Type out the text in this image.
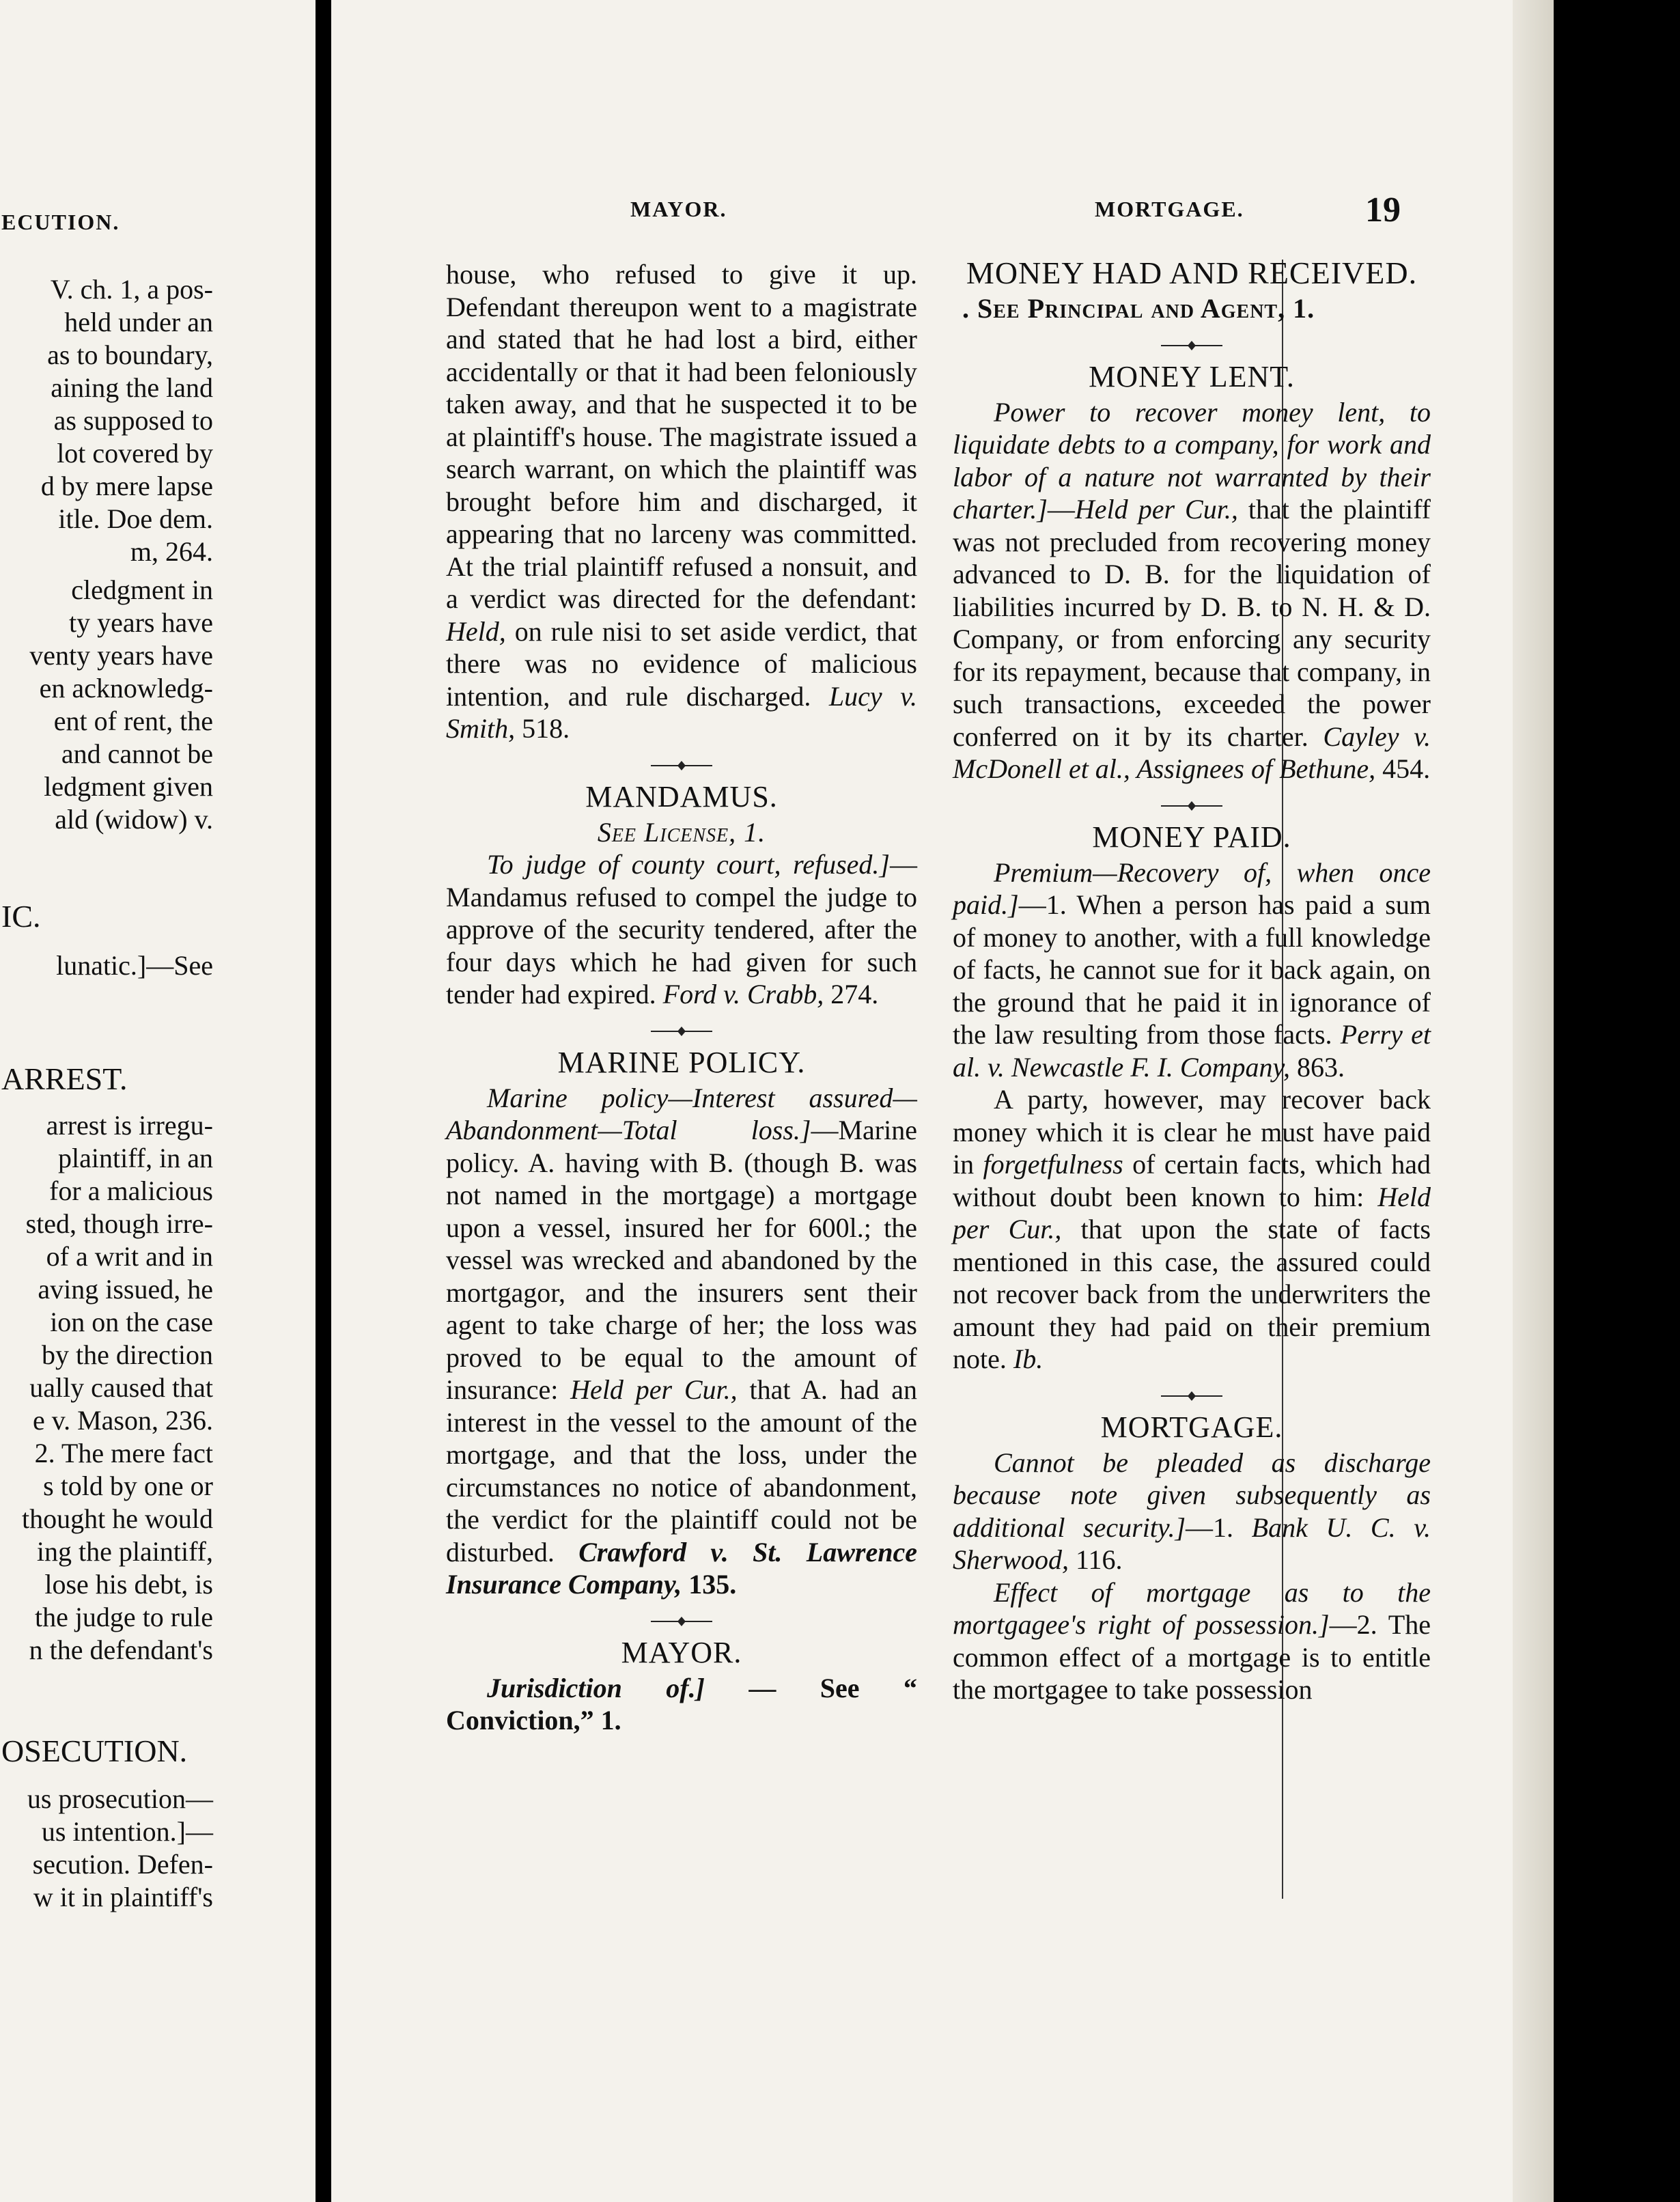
ECUTION.
V. ch. 1, a pos-
held under an
as to boundary,
aining the land
as supposed to
lot covered by
d by mere lapse
itle. Doe dem.
m, 264.
cledgment in
ty years have
venty years have
en acknowledg-
ent of rent, the
and cannot be
ledgment given
ald (widow) v.
IC.
lunatic.]—See
ARREST.
arrest is irregu-
plaintiff, in an
for a malicious
sted, though irre-
of a writ and in
aving issued, he
ion on the case
by the direction
ually caused that
e v. Mason, 236.
2. The mere fact
s told by one or
thought he would
ing the plaintiff,
lose his debt, is
the judge to rule
n the defendant's
OSECUTION.
us prosecution—
us intention.]—
secution. Defen-
w it in plaintiff's
MAYOR.	MORTGAGE.	19

house, who refused to give it up. Defendant thereupon went to a magistrate and stated that he had lost a bird, either accidentally or that it had been feloniously taken away, and that he suspected it to be at plaintiff's house. The magistrate issued a search warrant, on which the plaintiff was brought before him and discharged, it appearing that no larceny was committed. At the trial plaintiff refused a nonsuit, and a verdict was directed for the defendant: Held, on rule nisi to set aside verdict, that there was no evidence of malicious intention, and rule discharged. Lucy v. Smith, 518.

MANDAMUS.
See License, 1.

To judge of county court, refused.]—Mandamus refused to compel the judge to approve of the security tendered, after the four days which he had given for such tender had expired. Ford v. Crabb, 274.

MARINE POLICY.

Marine policy—Interest assured—Abandonment—Total loss.]—Marine policy. A. having with B. (though B. was not named in the mortgage) a mortgage upon a vessel, insured her for 600l.; the vessel was wrecked and abandoned by the mortgagor, and the insurers sent their agent to take charge of her; the loss was proved to be equal to the amount of insurance: Held per Cur., that A. had an interest in the vessel to the amount of the mortgage, and that the loss, under the circumstances no notice of abandonment, the verdict for the plaintiff could not be disturbed. Crawford v. St. Lawrence Insurance Company, 135.

MAYOR.

Jurisdiction of.] — See “ Conviction,” 1.

MONEY HAD AND RECEIVED.
. See Principal and Agent, 1.
MONEY LENT.

Power to recover money lent, to liquidate debts to a company, for work and labor of a nature not warranted by their charter.]—Held per Cur., that the plaintiff was not precluded from recovering money advanced to D. B. for the liquidation of liabilities incurred by D. B. to N. H. & D. Company, or from enforcing any security for its repayment, because that company, in such transactions, exceeded the power conferred on it by its charter. Cayley v. McDonell et al., Assignees of Bethune, 454.

MONEY PAID.

Premium—Recovery of, when once paid.]—1. When a person has paid a sum of money to another, with a full knowledge of facts, he cannot sue for it back again, on the ground that he paid it in ignorance of the law resulting from those facts. Perry et al. v. Newcastle F. I. Company, 863.

A party, however, may recover back money which it is clear he must have paid in forgetfulness of certain facts, which had without doubt been known to him: Held per Cur., that upon the state of facts mentioned in this case, the assured could not recover back from the underwriters the amount they had paid on their premium note. Ib.

MORTGAGE.

Cannot be pleaded as discharge because note given subsequently as additional security.]—1. Bank U. C. v. Sherwood, 116.

Effect of mortgage as to the mortgagee's right of possession.]—2. The common effect of a mortgage is to entitle the mortgagee to take possession
